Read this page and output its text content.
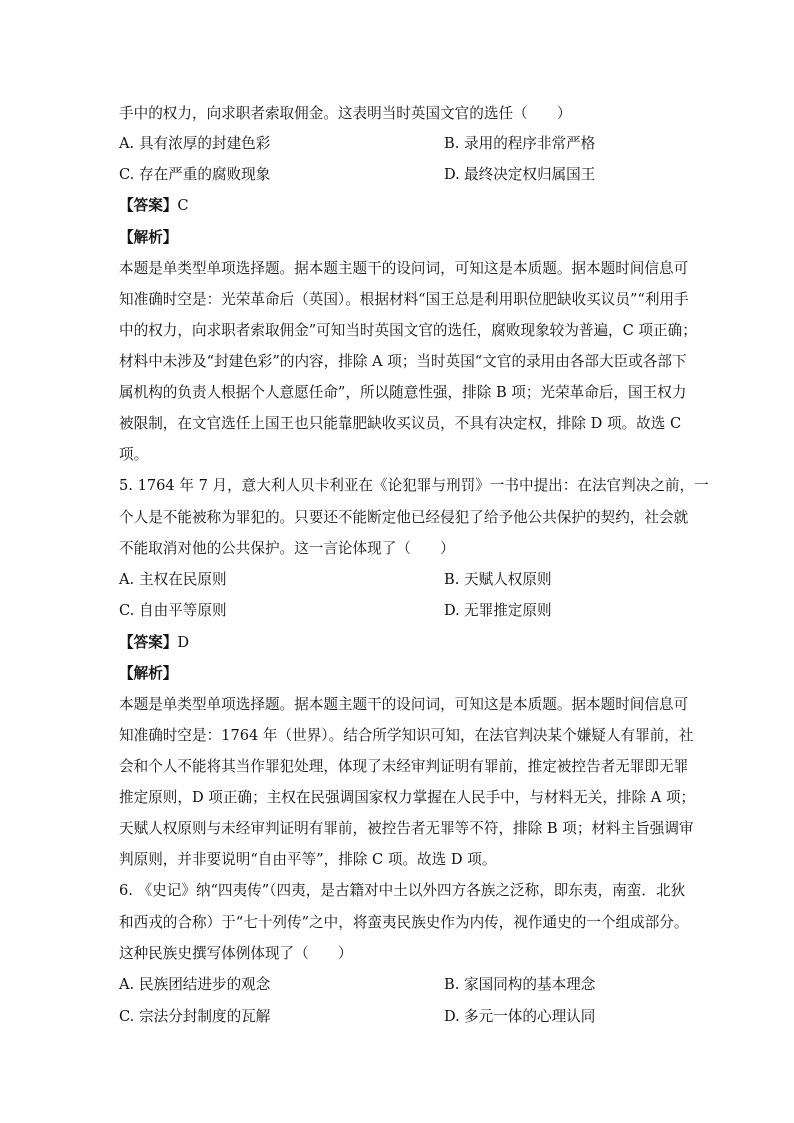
手中的权力，向求职者索取佣金。这表明当时英国文官的选任（　　）
A. 具有浓厚的封建色彩	B. 录用的程序非常严格
C. 存在严重的腐败现象	D. 最终决定权归属国王
【答案】C
【解析】
本题是单类型单项选择题。据本题主题干的设问词，可知这是本质题。据本题时间信息可
知准确时空是：光荣革命后（英国）。根据材料“国王总是利用职位肥缺收买议员”“利用手
中的权力，向求职者索取佣金”可知当时英国文官的选任，腐败现象较为普遍，C 项正确；
材料中未涉及“封建色彩”的内容，排除 A 项；当时英国“文官的录用由各部大臣或各部下
属机构的负责人根据个人意愿任命”，所以随意性强，排除 B 项；光荣革命后，国王权力
被限制，在文官选任上国王也只能靠肥缺收买议员，不具有决定权，排除 D 项。故选 C
项。
5. 1764 年 7 月，意大利人贝卡利亚在《论犯罪与刑罚》一书中提出：在法官判决之前，一
个人是不能被称为罪犯的。只要还不能断定他已经侵犯了给予他公共保护的契约，社会就
不能取消对他的公共保护。这一言论体现了（　　）
A. 主权在民原则	B. 天赋人权原则
C. 自由平等原则	D. 无罪推定原则
【答案】D
【解析】
本题是单类型单项选择题。据本题主题干的设问词，可知这是本质题。据本题时间信息可
知准确时空是：1764 年（世界）。结合所学知识可知，在法官判决某个嫌疑人有罪前，社
会和个人不能将其当作罪犯处理，体现了未经审判证明有罪前，推定被控告者无罪即无罪
推定原则，D 项正确；主权在民强调国家权力掌握在人民手中，与材料无关，排除 A 项；
天赋人权原则与未经审判证明有罪前，被控告者无罪等不符，排除 B 项；材料主旨强调审
判原则，并非要说明“自由平等”，排除 C 项。故选 D 项。
6. 《史记》纳“四夷传”（四夷，是古籍对中土以外四方各族之泛称，即东夷，南蛮．北狄
和西戎的合称）于“七十列传”之中，将蛮夷民族史作为内传，视作通史的一个组成部分。
这种民族史撰写体例体现了（　　）
A. 民族团结进步的观念	B. 家国同构的基本理念
C. 宗法分封制度的瓦解	D. 多元一体的心理认同
